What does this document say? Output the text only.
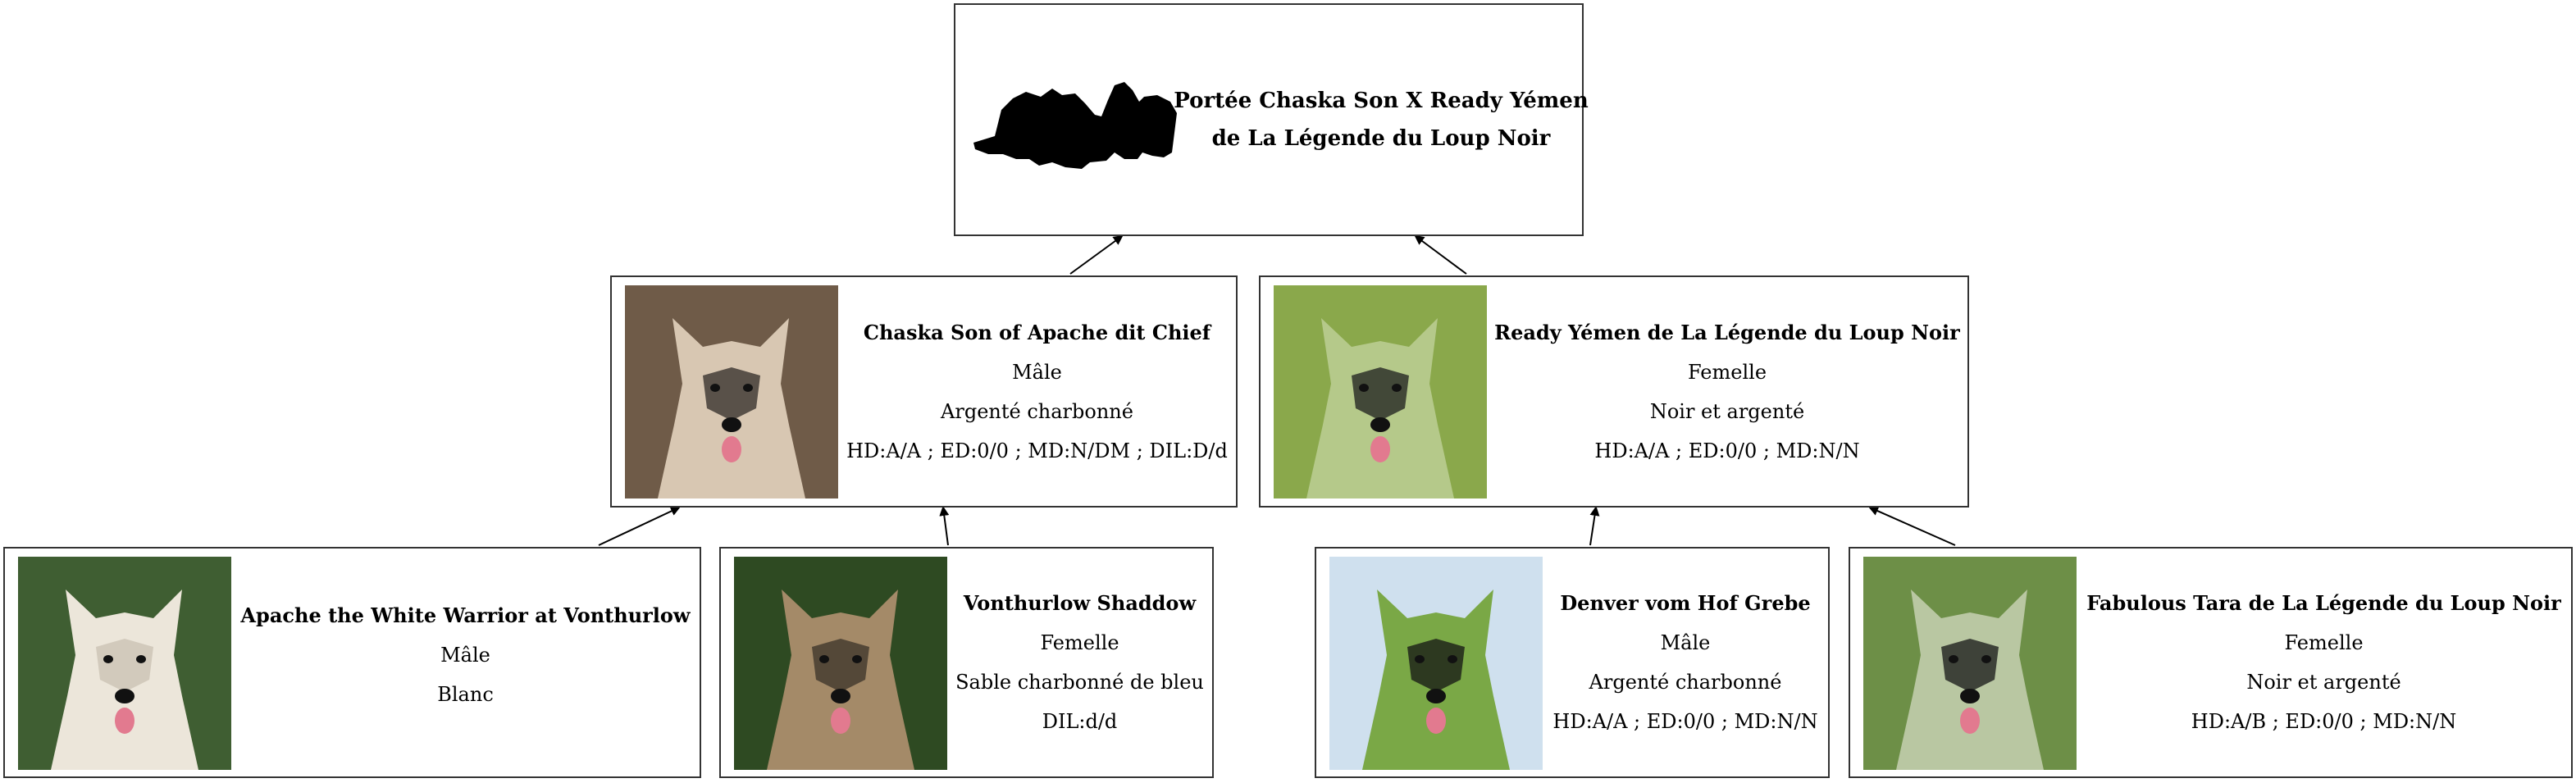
Portée Chaska Son X Ready Yémen
de La Légende du Loup Noir
Chaska Son of Apache dit Chief
Mâle
Argenté charbonné
HD:A/A ; ED:0/0 ; MD:N/DM ; DIL:D/d
Ready Yémen de La Légende du Loup Noir
Femelle
Noir et argenté
HD:A/A ; ED:0/0 ; MD:N/N
Apache the White Warrior at Vonthurlow
Mâle
Blanc
Vonthurlow Shaddow
Femelle
Sable charbonné de bleu
DIL:d/d
Denver vom Hof Grebe
Mâle
Argenté charbonné
HD:A/A ; ED:0/0 ; MD:N/N
Fabulous Tara de La Légende du Loup Noir
Femelle
Noir et argenté
HD:A/B ; ED:0/0 ; MD:N/N
